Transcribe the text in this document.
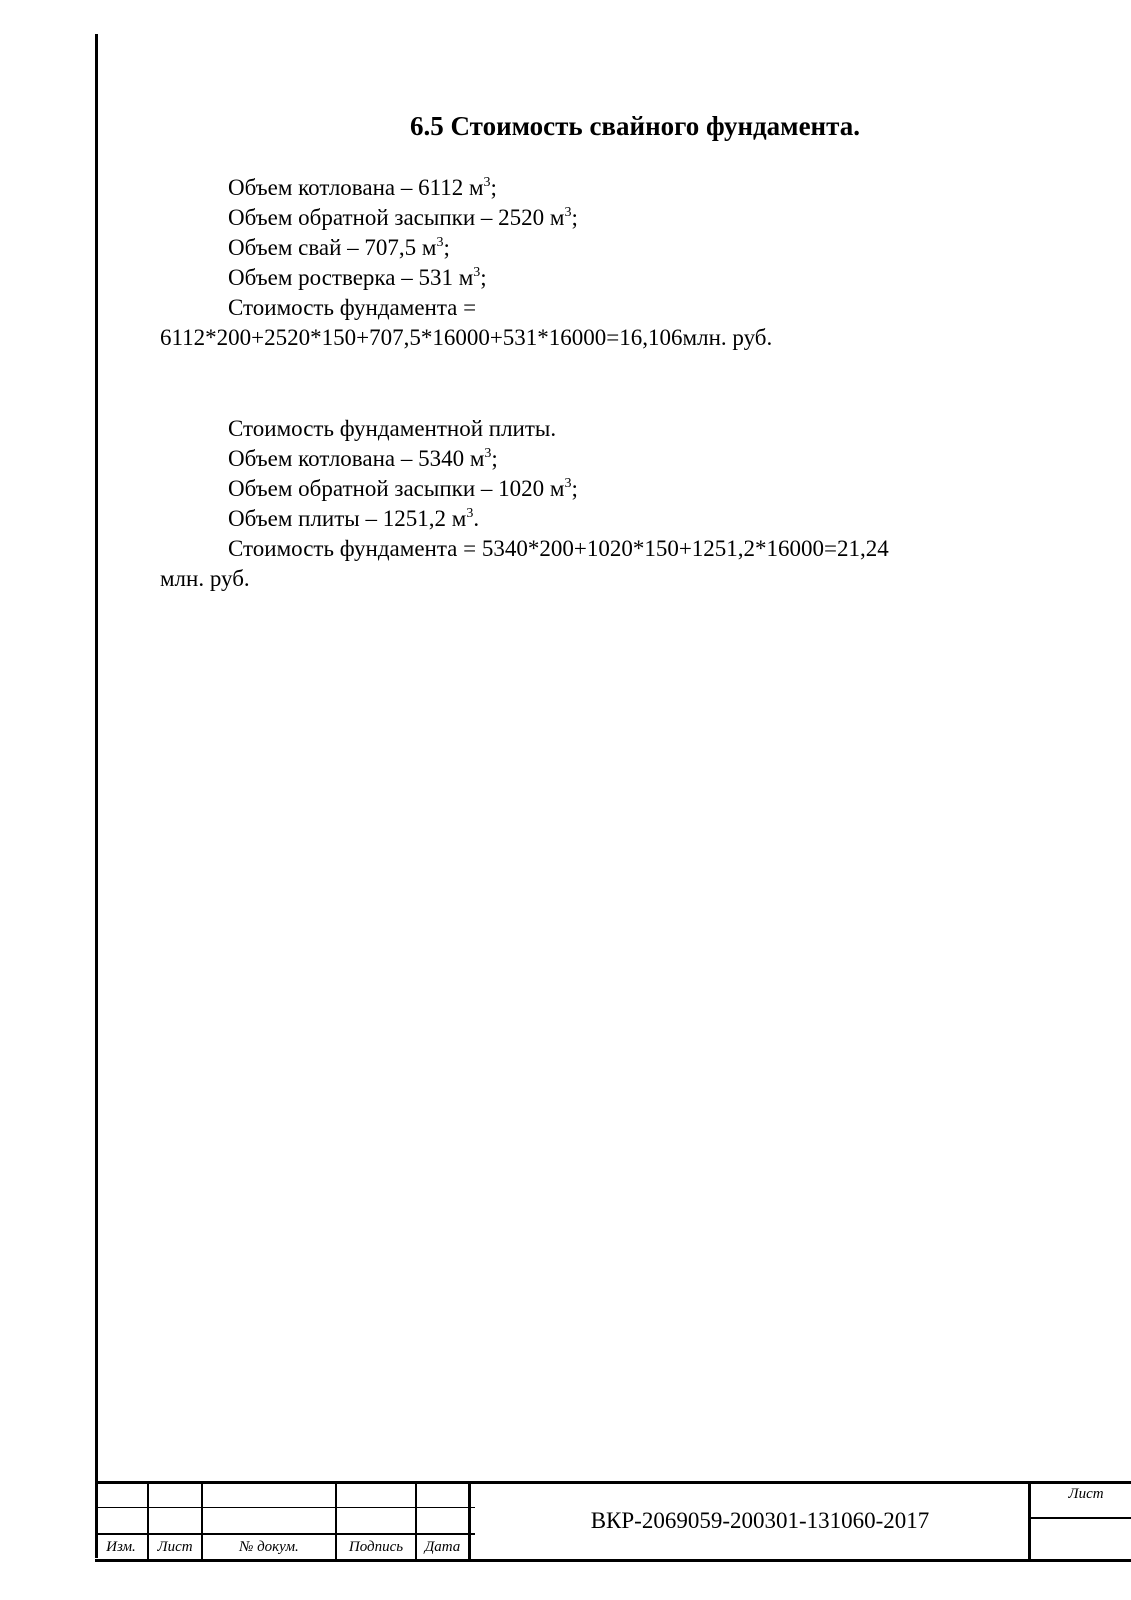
6.5 Стоимость свайного фундамента.

Объем котлована – 6112 $м^3$;

Объем обратной засыпки – 2520 $м^3$;

Объем свай – 707,5 $м^3$;

Объем ростверка – 531 $м^3$;

Стоимость фундамента =

6112*200+2520*150+707,5*16000+531*16000=16,106млн. руб.

Стоимость фундаментной плиты.

Объем котлована – 5340 $м^3$;

Объем обратной засыпки – 1020 $м^3$;

Объем плиты – 1251,2 $м^3$.

Стоимость фундамента = 5340*200+1020*150+1251,2*16000=21,24

млн. руб.

Изм.	Лист	№ докум.	Подпись	Дата
ВКР-2069059-200301-131060-2017
Лист
